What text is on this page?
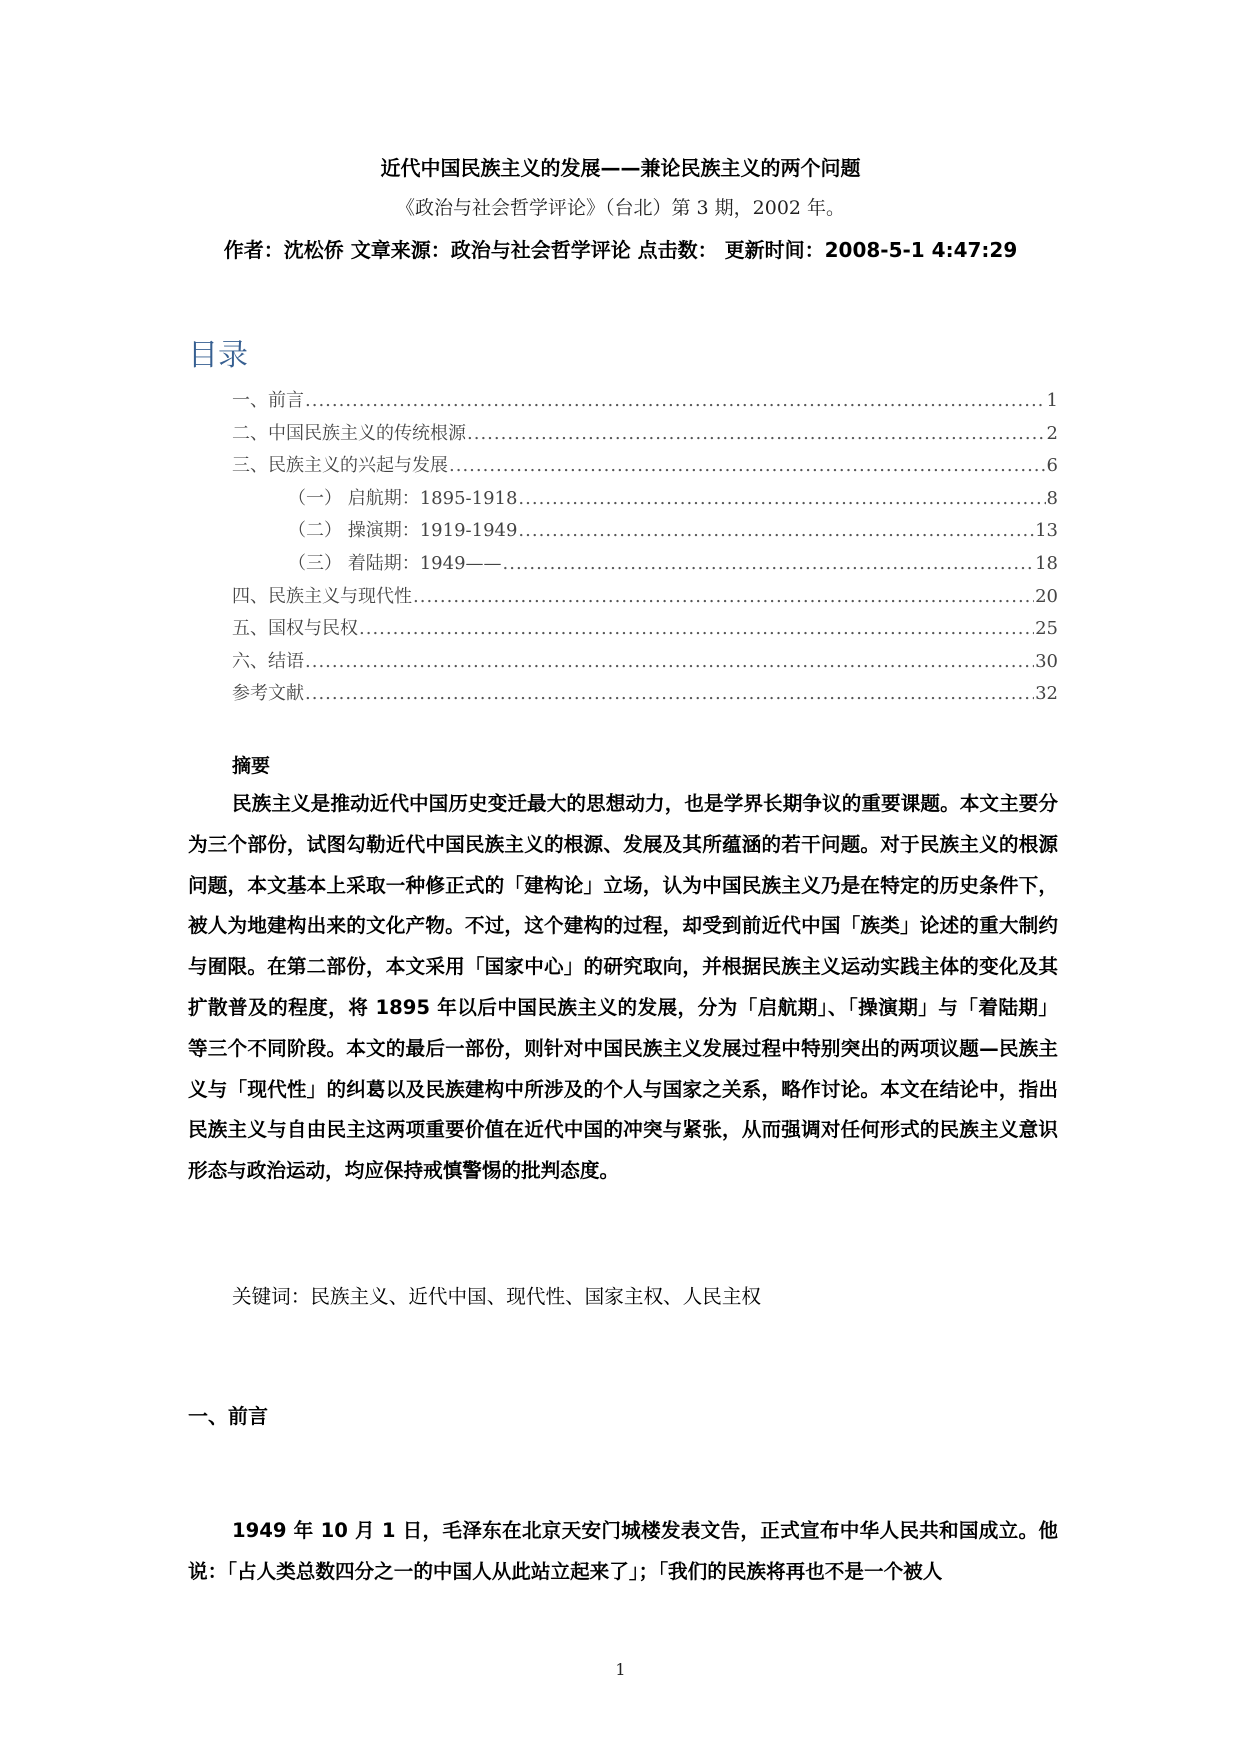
近代中国民族主义的发展——兼论民族主义的两个问题
《政治与社会哲学评论》（台北）第 3 期，2002 年。
作者：沈松侨 文章来源：政治与社会哲学评论 点击数： 更新时间：2008-5-1 4:47:29
目录
一、前言 .....	1
二、中国民族主义的传统根源 .....	2
三、民族主义的兴起与发展 .....	6
（一） 启航期：1895-1918 .....	8
（二） 操演期：1919-1949 .....	13
（三） 着陆期：1949—— .....	18
四、民族主义与现代性 .....	20
五、国权与民权 .....	25
六、结语 .....	30
参考文献 .....	32
摘要

民族主义是推动近代中国历史变迁最大的思想动力，也是学界长期争议的重要课题。本文主要分为三个部份，试图勾勒近代中国民族主义的根源、发展及其所蕴涵的若干问题。对于民族主义的根源问题，本文基本上采取一种修正式的「建构论」立场，认为中国民族主义乃是在特定的历史条件下，被人为地建构出来的文化产物。不过，这个建构的过程，却受到前近代中国「族类」论述的重大制约与囿限。在第二部份，本文采用「国家中心」的研究取向，并根据民族主义运动实践主体的变化及其扩散普及的程度，将 1895 年以后中国民族主义的发展，分为「启航期」、「操演期」与「着陆期」等三个不同阶段。本文的最后一部份，则针对中国民族主义发展过程中特别突出的两项议题—民族主义与「现代性」的纠葛以及民族建构中所涉及的个人与国家之关系，略作讨论。本文在结论中，指出民族主义与自由民主这两项重要价值在近代中国的冲突与紧张，从而强调对任何形式的民族主义意识形态与政治运动，均应保持戒慎警惕的批判态度。

关键词：民族主义、近代中国、现代性、国家主权、人民主权
一、前言

1949 年 10 月 1 日，毛泽东在北京天安门城楼发表文告，正式宣布中华人民共和国成立。他说：「占人类总数四分之一的中国人从此站立起来了」；「我们的民族将再也不是一个被人

1
